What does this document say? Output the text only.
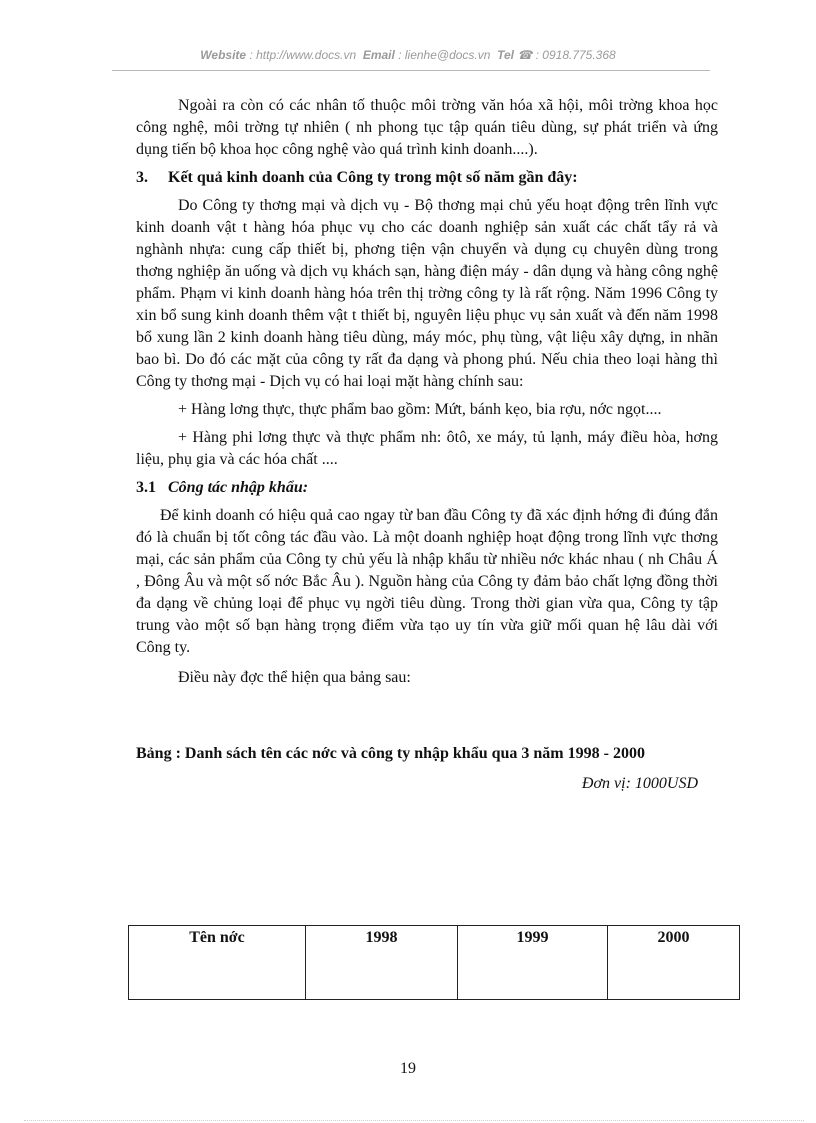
Website : http://www.docs.vn Email : lienhe@docs.vn Tel ☎ : 0918.775.368

Ngoài ra còn có các nhân tố thuộc môi trờng văn hóa xã hội, môi trờng khoa học công nghệ, môi trờng tự nhiên ( nh phong tục tập quán tiêu dùng, sự phát triển và ứng dụng tiến bộ khoa học công nghệ vào quá trình kinh doanh....).

3.	Kết quả kinh doanh của Công ty trong một số năm gần đây:

Do Công ty thơng mại và dịch vụ - Bộ thơng mại chủ yếu hoạt động trên lĩnh vực kinh doanh vật t hàng hóa phục vụ cho các doanh nghiệp sản xuất các chất tẩy rả và nghành nhựa: cung cấp thiết bị, phơng tiện vận chuyển và dụng cụ chuyên dùng trong thơng nghiệp ăn uống và dịch vụ khách sạn, hàng điện máy - dân dụng và hàng công nghệ phẩm. Phạm vi kinh doanh hàng hóa trên thị trờng công ty là rất rộng. Năm 1996 Công ty xin bổ sung kinh doanh thêm vật t thiết bị, nguyên liệu phục vụ sản xuất và đến năm 1998 bổ xung lần 2 kinh doanh hàng tiêu dùng, máy móc, phụ tùng, vật liệu xây dựng, in nhãn bao bì. Do đó các mặt của công ty rất đa dạng và phong phú. Nếu chia theo loại hàng thì Công ty thơng mại - Dịch vụ có hai loại mặt hàng chính sau:

+ Hàng lơng thực, thực phẩm bao gồm: Mứt, bánh kẹo, bia rợu, nớc ngọt....

+ Hàng phi lơng thực và thực phẩm nh: ôtô, xe máy, tủ lạnh, máy điều hòa, hơng liệu, phụ gia và các hóa chất ....

3.1 Công tác nhập khẩu:

Để kinh doanh có hiệu quả cao ngay từ ban đầu Công ty đã xác định hớng đi đúng đắn đó là chuẩn bị tốt công tác đầu vào. Là một doanh nghiệp hoạt động trong lĩnh vực thơng mại, các sản phẩm của Công ty chủ yếu là nhập khẩu từ nhiều nớc khác nhau ( nh Châu Á , Đông Âu và một số nớc Bắc Âu ). Nguồn hàng của Công ty đảm bảo chất lợng đồng thời đa dạng về chủng loại để phục vụ ngời tiêu dùng. Trong thời gian vừa qua, Công ty tập trung vào một số bạn hàng trọng điểm vừa tạo uy tín vừa giữ mối quan hệ lâu dài với Công ty.

Điều này đợc thể hiện qua bảng sau:

Bảng : Danh sách tên các nớc và công ty nhập khẩu qua 3 năm 1998 - 2000

Đơn vị: 1000USD

Tên nớc	1998	1999	2000
19
